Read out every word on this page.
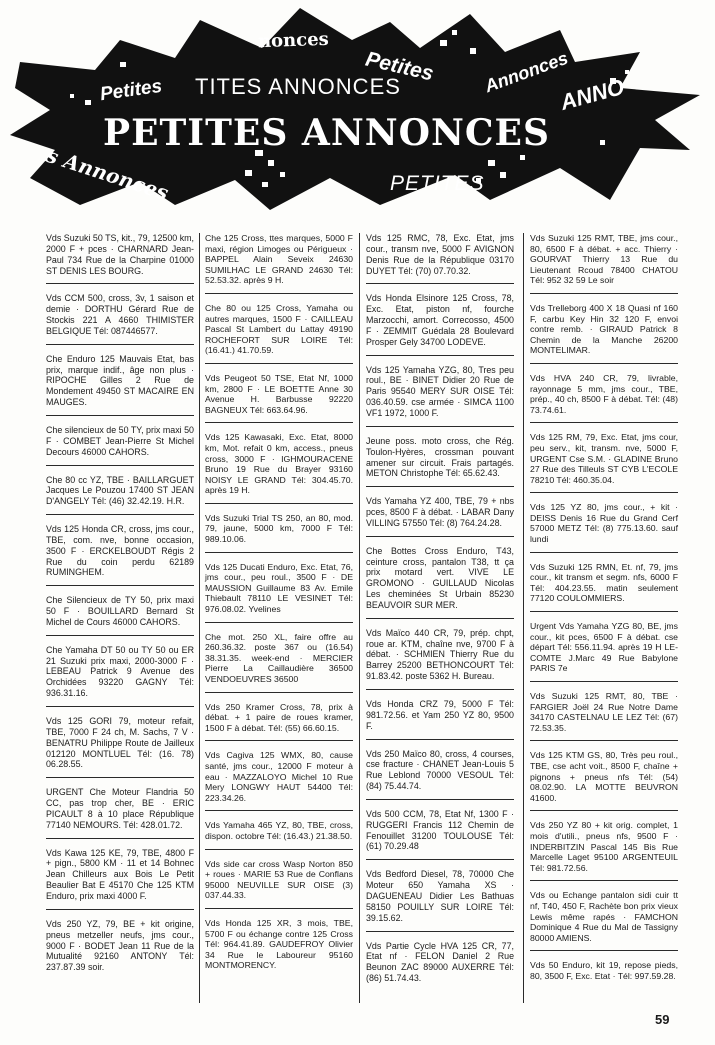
nonces
Petites
Petites	Annonces
ANNO
TITES ANNONCES
PETITES ANNONCES
s Annonces	PETITES
Vds Suzuki 50 TS, kit., 79, 12500 km, 2000 F + pces · CHARNARD Jean-Paul 734 Rue de la Charpine 01000 ST DENIS LES BOURG.
Vds CCM 500, cross, 3v, 1 saison et demie · DORTHU Gérard Rue de Stockis 221 A 4660 THIMISTER BELGIQUE Tél: 087446577.
Che Enduro 125 Mauvais Etat, bas prix, marque indif., âge non plus · RIPOCHE Gilles 2 Rue de Mondement 49450 ST MACAIRE EN MAUGES.
Che silencieux de 50 TY, prix maxi 50 F · COMBET Jean-Pierre St Michel Decours 46000 CAHORS.
Che 80 cc YZ, TBE · BAILLARGUET Jacques Le Pouzou 17400 ST JEAN D'ANGELY Tél: (46) 32.42.19. H.R.
Vds 125 Honda CR, cross, jms cour., TBE, com. nve, bonne occasion, 3500 F · ERCKELBOUDT Régis 2 Rue du coin perdu 62189 RUMINGHEM.
Che Silencieux de TY 50, prix maxi 50 F · BOUILLARD Bernard St Michel de Cours 46000 CAHORS.
Che Yamaha DT 50 ou TY 50 ou ER 21 Suzuki prix maxi, 2000-3000 F · LEBEAU Patrick 9 Avenue des Orchidées 93220 GAGNY Tél: 936.31.16.
Vds 125 GORI 79, moteur refait, TBE, 7000 F 24 ch, M. Sachs, 7 V · BENATRU Philippe Route de Jailleux 012120 MONTLUEL Tél: (16. 78) 06.28.55.
URGENT Che Moteur Flandria 50 CC, pas trop cher, BE · ERIC PICAULT 8 à 10 place République 77140 NEMOURS. Tél: 428.01.72.
Vds Kawa 125 KE, 79, TBE, 4800 F + pign., 5800 KM · 11 et 14 Bohnec Jean Chilleurs aux Bois Le Petit Beaulier Bat E 45170 Che 125 KTM Enduro, prix maxi 4000 F.
Vds 250 YZ, 79, BE + kit origine, pneus metzeller neufs, jms cour., 9000 F · BODET Jean 11 Rue de la Mutualité 92160 ANTONY Tél: 237.87.39 soir.
Che 125 Cross, ttes marques, 5000 F maxi, région Limoges ou Périgueux · BAPPEL Alain Seveix 24630 SUMILHAC LE GRAND 24630 Tél: 52.53.32. après 9 H.
Che 80 ou 125 Cross, Yamaha ou autres marques, 1500 F · CAILLEAU Pascal St Lambert du Lattay 49190 ROCHEFORT SUR LOIRE Tél: (16.41.) 41.70.59.
Vds Peugeot 50 TSE, Etat Nf, 1000 km, 2800 F · LE BOETTE Anne 30 Avenue H. Barbusse 92220 BAGNEUX Tél: 663.64.96.
Vds 125 Kawasaki, Exc. Etat, 8000 km, Mot. refait 0 km, access., pneus cross, 3000 F · IGHMOURACENE Bruno 19 Rue du Brayer 93160 NOISY LE GRAND Tél: 304.45.70. après 19 H.
Vds Suzuki Trial TS 250, an 80, mod. 79, jaune, 5000 km, 7000 F Tél: 989.10.06.
Vds 125 Ducati Enduro, Exc. Etat, 76, jms cour., peu roul., 3500 F · DE MAUSSION Guillaume 83 Av. Emile Thiebault 78110 LE VESINET Tél: 976.08.02. Yvelines
Che mot. 250 XL, faire offre au 260.36.32. poste 367 ou (16.54) 38.31.35. week-end · MERCIER Pierre La Caillaudière 36500 VENDOEUVRES 36500
Vds 250 Kramer Cross, 78, prix à débat. + 1 paire de roues kramer, 1500 F à débat. Tél: (55) 66.60.15.
Vds Cagiva 125 WMX, 80, cause santé, jms cour., 12000 F moteur à eau · MAZZALOYO Michel 10 Rue Mery LONGWY HAUT 54400 Tél: 223.34.26.
Vds Yamaha 465 YZ, 80, TBE, cross, dispon. octobre Tél: (16.43.) 21.38.50.
Vds side car cross Wasp Norton 850 + roues · MARIE 53 Rue de Conflans 95000 NEUVILLE SUR OISE (3) 037.44.33.
Vds Honda 125 XR, 3 mois, TBE, 5700 F ou échange contre 125 Cross Tél: 964.41.89. GAUDEFROY Olivier 34 Rue le Laboureur 95160 MONTMORENCY.
Vds 125 RMC, 78, Exc. Etat, jms cour., transm nve, 5000 F AVIGNON Denis Rue de la République 03170 DUYET Tél: (70) 07.70.32.
Vds Honda Elsinore 125 Cross, 78, Exc. Etat, piston nf, fourche Marzocchi, amort. Correcosso, 4500 F · ZEMMIT Guédala 28 Boulevard Prosper Gely 34700 LODEVE.
Vds 125 Yamaha YZG, 80, Tres peu roul., BE · BINET Didier 20 Rue de Paris 95540 MERY SUR OISE Tél: 036.40.59. cse armée · SIMCA 1100 VF1 1972, 1000 F.
Jeune poss. moto cross, che Rég. Toulon-Hyères, crossman pouvant amener sur circuit. Frais partagés. METON Christophe Tél: 65.62.43.
Vds Yamaha YZ 400, TBE, 79 + nbs pces, 8500 F à débat. · LABAR Dany VILLING 57550 Tél: (8) 764.24.28.
Che Bottes Cross Enduro, T43, ceinture cross, pantalon T38, tt ça prix motard vert. VIVE LE GROMONO · GUILLAUD Nicolas Les cheminées St Urbain 85230 BEAUVOIR SUR MER.
Vds Maïco 440 CR, 79, prép. chpt, roue ar. KTM, chaîne nve, 9700 F à débat. · SCHMIEN Thierry Rue du Barrey 25200 BETHONCOURT Tél: 91.83.42. poste 5362 H. Bureau.
Vds Honda CRZ 79, 5000 F Tél: 981.72.56. et Yam 250 YZ 80, 9500 F.
Vds 250 Maïco 80, cross, 4 courses, cse fracture · CHANET Jean-Louis 5 Rue Leblond 70000 VESOUL Tél: (84) 75.44.74.
Vds 500 CCM, 78, Etat Nf, 1300 F · RUGGERI Francis 112 Chemin de Fenouillet 31200 TOULOUSE Tél: (61) 70.29.48
Vds Bedford Diesel, 78, 70000 Che Moteur 650 Yamaha XS · DAGUENEAU Didier Les Bathuas 58150 POUILLY SUR LOIRE Tél: 39.15.62.
Vds Partie Cycle HVA 125 CR, 77, Etat nf · FELON Daniel 2 Rue Beunon ZAC 89000 AUXERRE Tél: (86) 51.74.43.
Vds Suzuki 125 RMT, TBE, jms cour., 80, 6500 F à débat. + acc. Thierry · GOURVAT Thierry 13 Rue du Lieutenant Rcoud 78400 CHATOU Tél: 952 32 59 Le soir
Vds Trelleborg 400 X 18 Quasi nf 160 F, carbu Key Hin 32 120 F, envoi contre remb. · GIRAUD Patrick 8 Chemin de la Manche 26200 MONTELIMAR.
Vds HVA 240 CR, 79, livrable, rayonnage 5 mm, jms cour., TBE, prép., 40 ch, 8500 F à débat. Tél: (48) 73.74.61.
Vds 125 RM, 79, Exc. Etat, jms cour, peu serv., kit, transm. nve, 5000 F, URGENT Cse S.M. · GLADINE Bruno 27 Rue des Tilleuls ST CYB L'ECOLE 78210 Tél: 460.35.04.
Vds 125 YZ 80, jms cour., + kit · DEISS Denis 16 Rue du Grand Cerf 57000 METZ Tél: (8) 775.13.60. sauf lundi
Vds Suzuki 125 RMN, Et. nf, 79, jms cour., kit transm et segm. nfs, 6000 F Tél: 404.23.55. matin seulement 77120 COULOMMIERS.
Urgent Vds Yamaha YZG 80, BE, jms cour., kit pces, 6500 F à débat. cse départ Tél: 556.11.94. après 19 H LE-COMTE J.Marc 49 Rue Babylone PARIS 7e
Vds Suzuki 125 RMT, 80, TBE · FARGIER Joël 24 Rue Notre Dame 34170 CASTELNAU LE LEZ Tél: (67) 72.53.35.
Vds 125 KTM GS, 80, Très peu roul., TBE, cse acht voit., 8500 F, chaîne + pignons + pneus nfs Tél: (54) 08.02.90. LA MOTTE BEUVRON 41600.
Vds 250 YZ 80 + kit orig. complet, 1 mois d'utili., pneus nfs, 9500 F · INDERBITZIN Pascal 145 Bis Rue Marcelle Laget 95100 ARGENTEUIL Tél: 981.72.56.
Vds ou Echange pantalon sidi cuir tt nf, T40, 450 F, Rachète bon prix vieux Lewis même rapés · FAMCHON Dominique 4 Rue du Mal de Tassigny 80000 AMIENS.
Vds 50 Enduro, kit 19, repose pieds, 80, 3500 F, Exc. Etat · Tél: 997.59.28.
59
